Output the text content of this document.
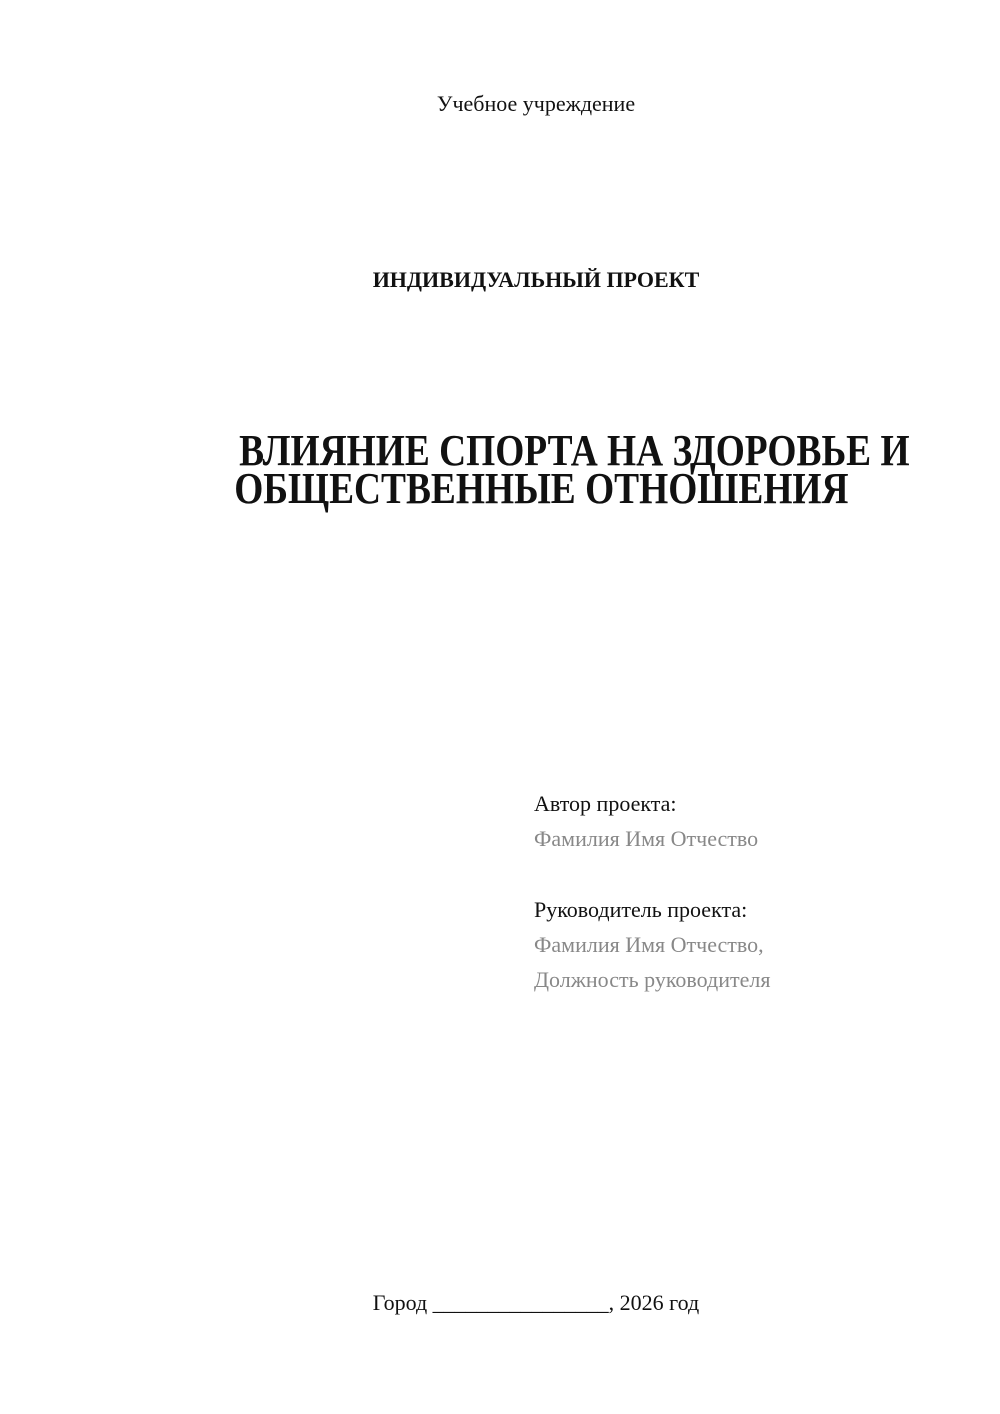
Учебное учреждение
ИНДИВИДУАЛЬНЫЙ ПРОЕКТ
ВЛИЯНИЕ СПОРТА НА ЗДОРОВЬЕ И
ОБЩЕСТВЕННЫЕ ОТНОШЕНИЯ
Автор проекта:
Фамилия Имя Отчество
Руководитель проекта:
Фамилия Имя Отчество,
Должность руководителя
Город ________________, 2026 год
